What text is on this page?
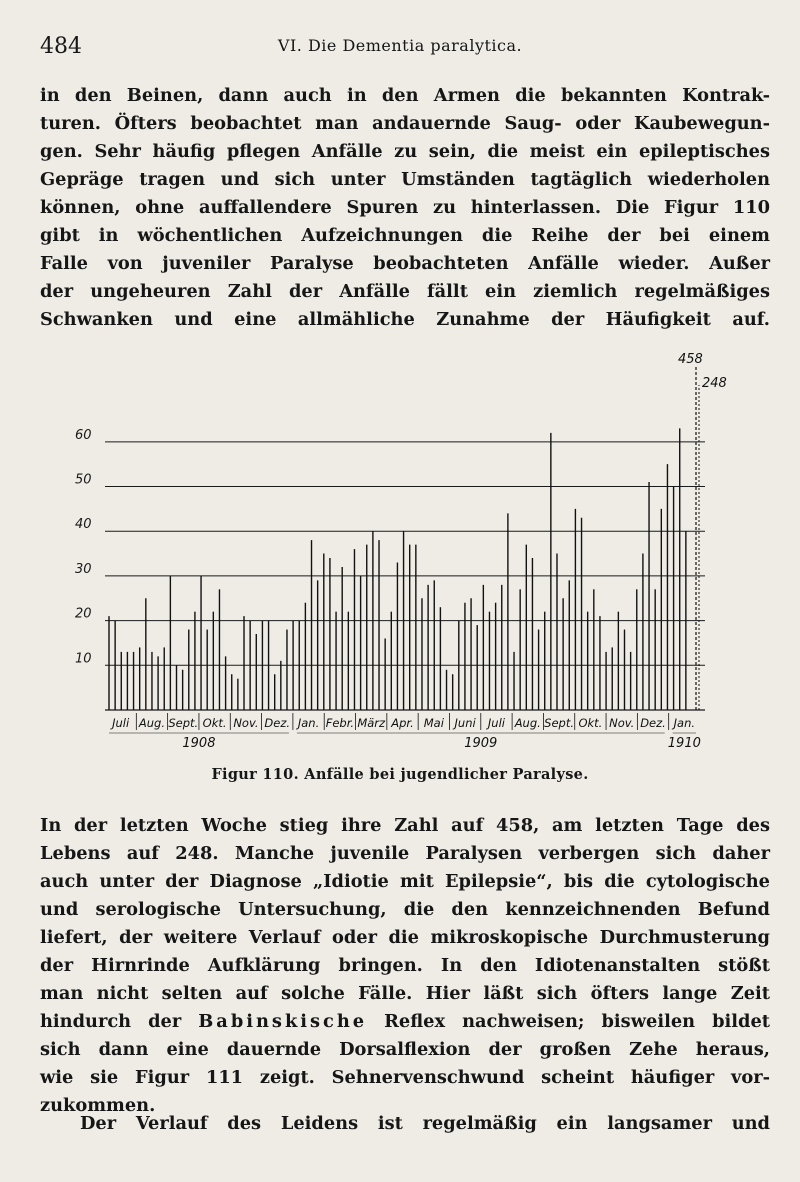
484	VI. Die Dementia paralytica.
in den Beinen, dann auch in den Armen die bekannten Kontrak-
turen. Öfters beobachtet man andauernde Saug- oder Kaubewegun-
gen. Sehr häufig pflegen Anfälle zu sein, die meist ein epileptisches
Gepräge tragen und sich unter Umständen tagtäglich wiederholen
können, ohne auffallendere Spuren zu hinterlassen. Die Figur 110
gibt in wöchentlichen Aufzeichnungen die Reihe der bei einem
Falle von juveniler Paralyse beobachteten Anfälle wieder. Außer
der ungeheuren Zahl der Anfälle fällt ein ziemlich regelmäßiges
Schwanken und eine allmähliche Zunahme der Häufigkeit auf.
10
20
30
40
50
60
458
248
Juli Aug. Sept. Okt. Nov. Dez. Jan. Febr. März Apr. Mai Juni Juli Aug. Sept. Okt. Nov. Dez. Jan.
1908	1909	1910
Figur 110. Anfälle bei jugendlicher Paralyse.
In der letzten Woche stieg ihre Zahl auf 458, am letzten Tage des
Lebens auf 248. Manche juvenile Paralysen verbergen sich daher
auch unter der Diagnose „Idiotie mit Epilepsie“, bis die cytologische
und serologische Untersuchung, die den kennzeichnenden Befund
liefert, der weitere Verlauf oder die mikroskopische Durchmusterung
der Hirnrinde Aufklärung bringen. In den Idiotenanstalten stößt
man nicht selten auf solche Fälle. Hier läßt sich öfters lange Zeit
hindurch der Babinskische Reflex nachweisen; bisweilen bildet
sich dann eine dauernde Dorsalflexion der großen Zehe heraus,
wie sie Figur 111 zeigt. Sehnervenschwund scheint häufiger vor-
zukommen.
Der Verlauf des Leidens ist regelmäßig ein langsamer und
